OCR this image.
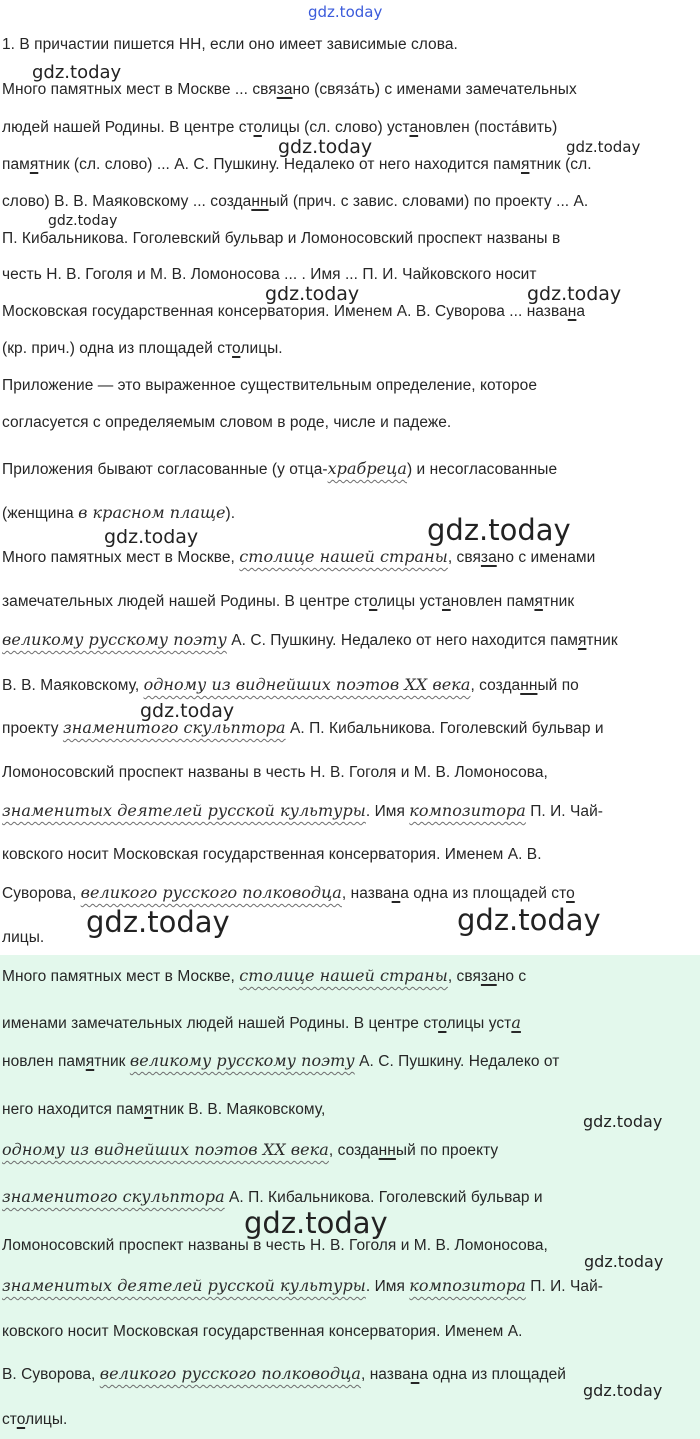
1. В причастии пишется НН, если оно имеет зависимые слова.
Много памятных мест в Москве ... связано (связа́ть) с именами замечательных
людей нашей Родины. В центре столицы (сл. слово) установлен (поста́вить)
памятник (сл. слово) ... А. С. Пушкину. Недалеко от него находится памятник (сл.
слово) В. В. Маяковскому ... созданный (прич. с завис. словами) по проекту ... А.
П. Кибальникова. Гоголевский бульвар и Ломоносовский проспект названы в
честь Н. В. Гоголя и М. В. Ломоносова ... . Имя ... П. И. Чайковского носит
Московская государственная консерватория. Именем А. В. Суворова ... названа
(кр. прич.) одна из площадей столицы.
Приложение — это выраженное существительным определение, которое
согласуется с определяемым словом в роде, числе и падеже.
Приложения бывают согласованные (у отца-храбреца) и несогласованные
(женщина в красном плаще).
Много памятных мест в Москве, столице нашей страны, связано с именами
замечательных людей нашей Родины. В центре столицы установлен памятник
великому русскому поэту А. С. Пушкину. Недалеко от него находится памятник
В. В. Маяковскому, одному из виднейших поэтов XX века, созданный по
проекту знаменитого скульптора А. П. Кибальникова. Гоголевский бульвар и
Ломоносовский проспект названы в честь Н. В. Гоголя и М. В. Ломоносова,
знаменитых деятелей русской культуры. Имя композитора П. И. Чай-
ковского носит Московская государственная консерватория. Именем А. В.
Суворова, великого русского полководца, названа одна из площадей сто
лицы.
Много памятных мест в Москве, столице нашей страны, связано с
именами замечательных людей нашей Родины. В центре столицы уста
новлен памятник великому русскому поэту А. С. Пушкину. Недалеко от
него находится памятник В. В. Маяковскому,
одному из виднейших поэтов XX века, созданный по проекту
знаменитого скульптора А. П. Кибальникова. Гоголевский бульвар и
Ломоносовский проспект названы в честь Н. В. Гоголя и М. В. Ломоносова,
знаменитых деятелей русской культуры. Имя композитора П. И. Чай-
ковского носит Московская государственная консерватория. Именем А.
В. Суворова, великого русского полководца, названа одна из площадей
столицы.
gdz.today
gdz.today
gdz.today	gdz.today
gdz.today
gdz.today	gdz.today
gdz.today	gdz.today
gdz.today
gdz.today	gdz.today
gdz.today
gdz.today
gdz.today
gdz.today
